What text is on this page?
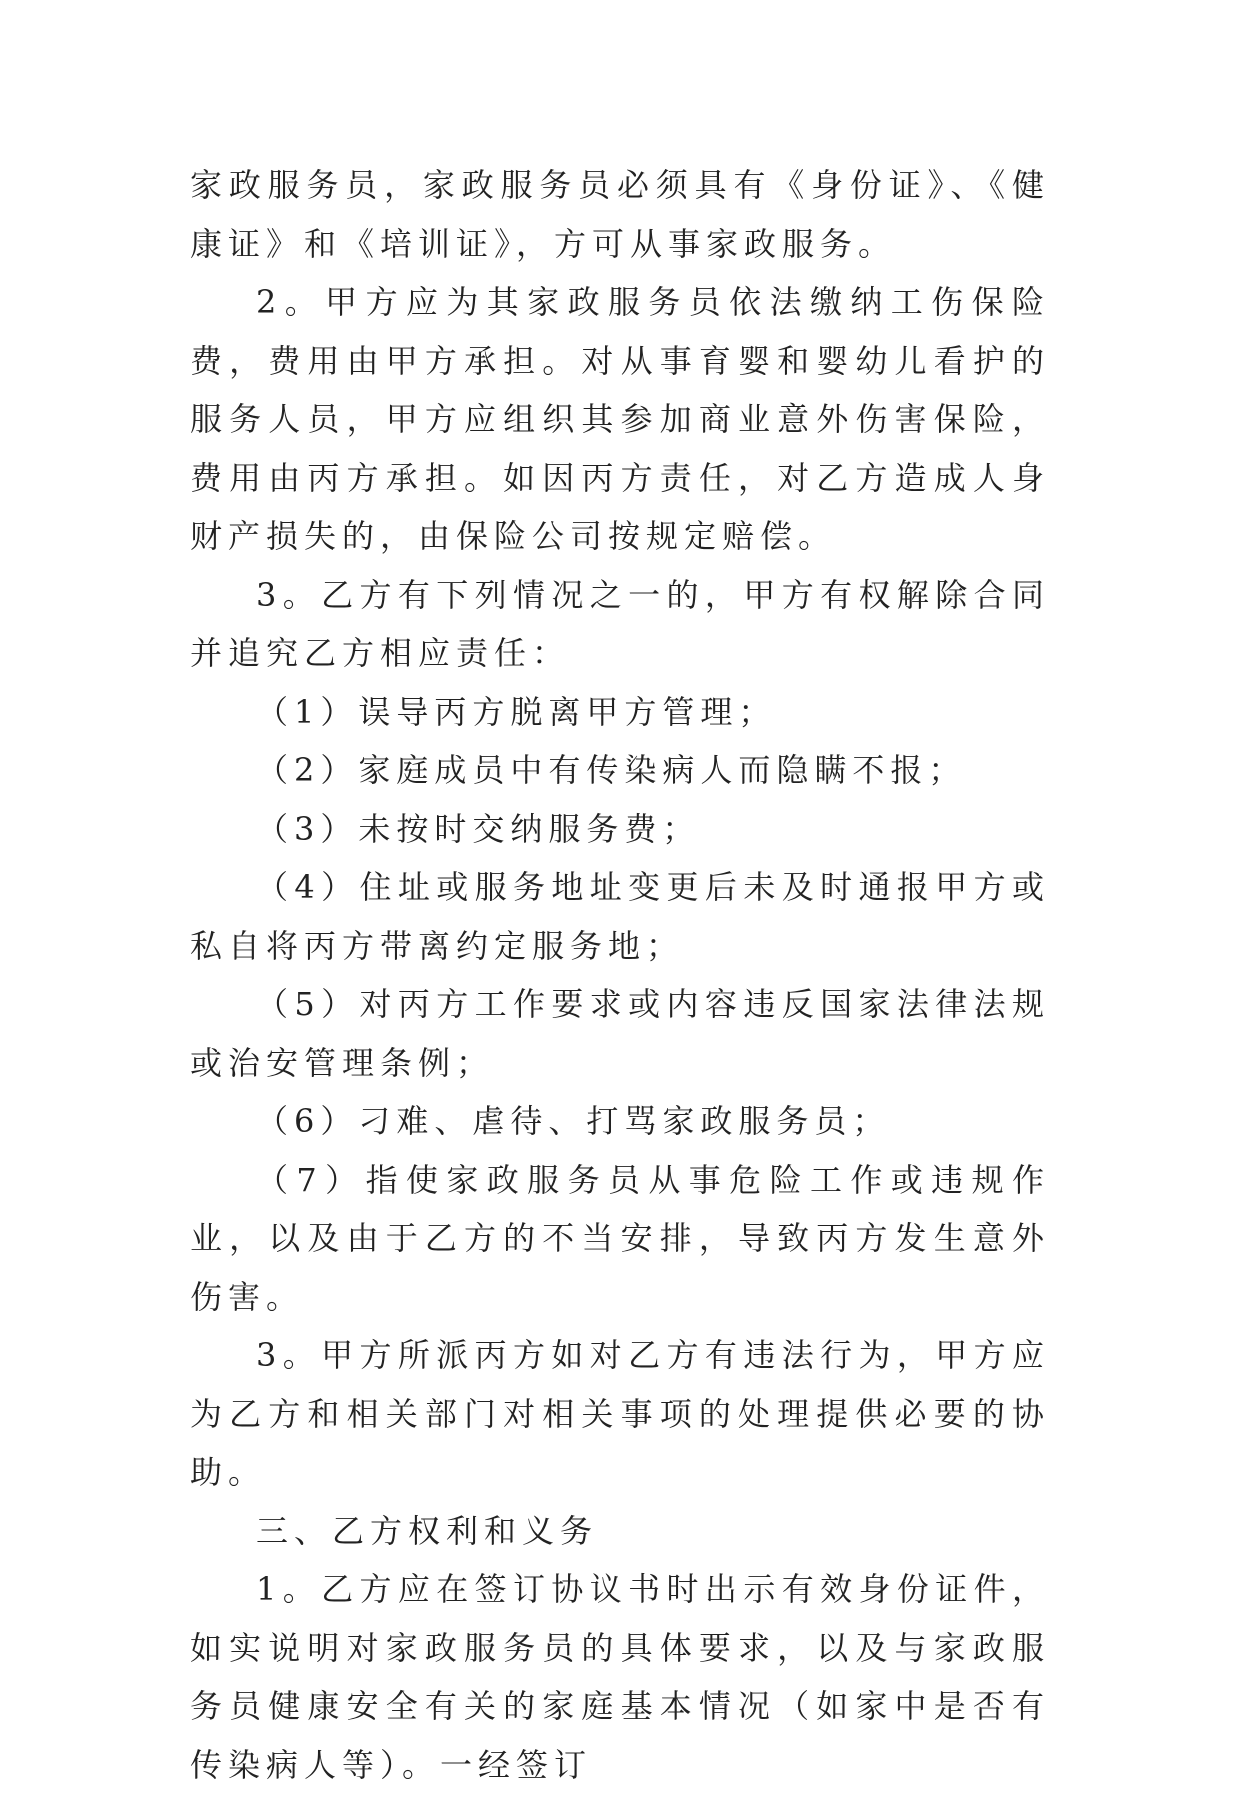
家政服务员，家政服务员必须具有《身份证》、《健康证》和《培训证》，方可从事家政服务。

2。甲方应为其家政服务员依法缴纳工伤保险费，费用由甲方承担。对从事育婴和婴幼儿看护的服务人员，甲方应组织其参加商业意外伤害保险，费用由丙方承担。如因丙方责任，对乙方造成人身财产损失的，由保险公司按规定赔偿。

3。乙方有下列情况之一的，甲方有权解除合同并追究乙方相应责任：

（1）误导丙方脱离甲方管理；

（2）家庭成员中有传染病人而隐瞒不报；

（3）未按时交纳服务费；

（4）住址或服务地址变更后未及时通报甲方或私自将丙方带离约定服务地；

（5）对丙方工作要求或内容违反国家法律法规或治安管理条例；

（6）刁难、虐待、打骂家政服务员；

（7）指使家政服务员从事危险工作或违规作业，以及由于乙方的不当安排，导致丙方发生意外伤害。

3。甲方所派丙方如对乙方有违法行为，甲方应为乙方和相关部门对相关事项的处理提供必要的协助。

三、乙方权利和义务

1。乙方应在签订协议书时出示有效身份证件，如实说明对家政服务员的具体要求，以及与家政服务员健康安全有关的家庭基本情况（如家中是否有传染病人等）。一经签订
